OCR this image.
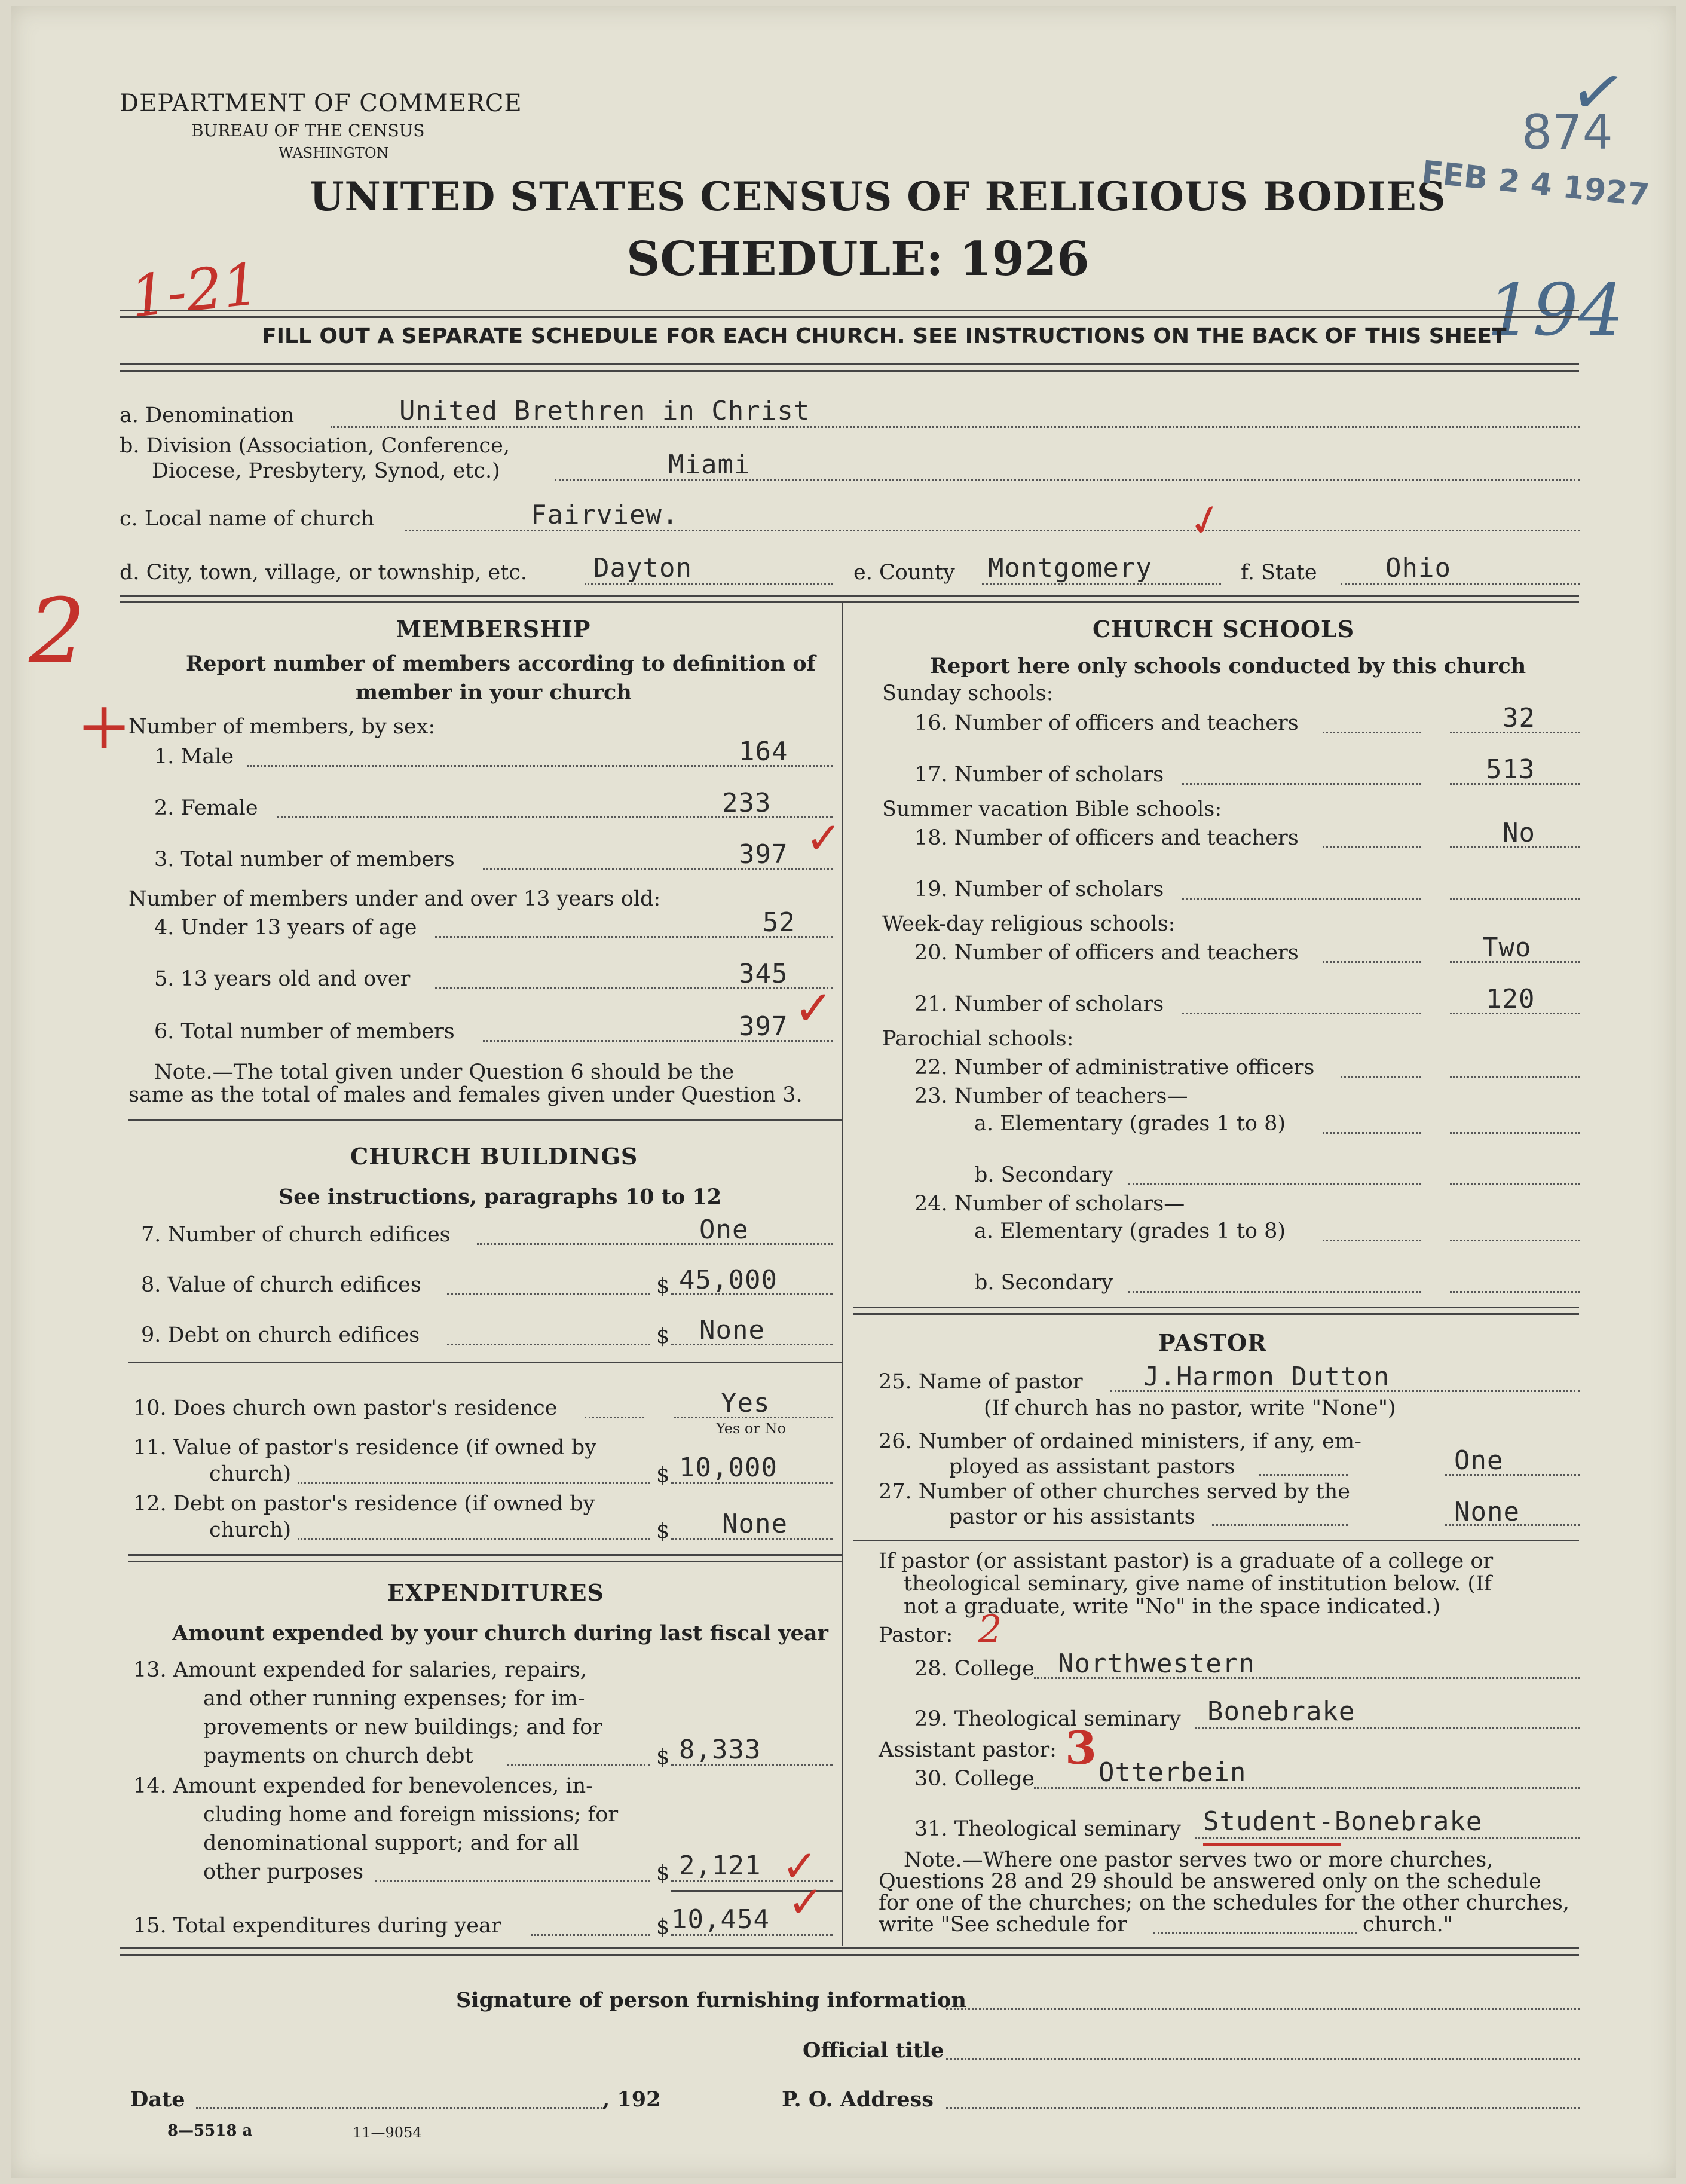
DEPARTMENT OF COMMERCE
BUREAU OF THE CENSUS
WASHINGTON
UNITED STATES CENSUS OF RELIGIOUS BODIES
SCHEDULE: 1926
874
✓
FEB 2 4 1927
194
1-21
FILL OUT A SEPARATE SCHEDULE FOR EACH CHURCH. SEE INSTRUCTIONS ON THE BACK OF THIS SHEET
a. Denomination	United Brethren in Christ
b. Division (Association, Conference,
Diocese, Presbytery, Synod, etc.)	Miami
c. Local name of church	Fairview.	✓
d. City, town, village, or township, etc.	Dayton	e. County Montgomery	f. State	Ohio
2
+
MEMBERSHIP
Report number of members according to definition of
member in your church
Number of members, by sex:
1. Male	164
2. Female	233
3. Total number of members	397 ✓
Number of members under and over 13 years old:
4. Under 13 years of age	52
5. 13 years old and over	345
6. Total number of members	397 ✓
Note.—The total given under Question 6 should be the
same as the total of males and females given under Question 3.
CHURCH BUILDINGS
See instructions, paragraphs 10 to 12
7. Number of church edifices	One
8. Value of church edifices	$ 45,000
9. Debt on church edifices	$ None
10. Does church own pastor's residence	Yes
Yes or No
11. Value of pastor's residence (if owned by
church)	$ 10,000
12. Debt on pastor's residence (if owned by
church)	$ None
EXPENDITURES
Amount expended by your church during last fiscal year
13. Amount expended for salaries, repairs,
and other running expenses; for im-
provements or new buildings; and for
payments on church debt	$ 8,333
14. Amount expended for benevolences, in-
cluding home and foreign missions; for
denominational support; and for all
other purposes	$ 2,121 ✓
15. Total expenditures during year	$ 10,454 ✓
CHURCH SCHOOLS
Report here only schools conducted by this church
Sunday schools:
16. Number of officers and teachers	32
17. Number of scholars	513
Summer vacation Bible schools:
18. Number of officers and teachers	No
19. Number of scholars
Week-day religious schools:
20. Number of officers and teachers	Two
21. Number of scholars	120
Parochial schools:
22. Number of administrative officers
23. Number of teachers—
a. Elementary (grades 1 to 8)
b. Secondary
24. Number of scholars—
a. Elementary (grades 1 to 8)
b. Secondary
PASTOR
25. Name of pastor J.Harmon Dutton
(If church has no pastor, write "None")
26. Number of ordained ministers, if any, em-
ployed as assistant pastors	One
27. Number of other churches served by the
pastor or his assistants	None
If pastor (or assistant pastor) is a graduate of a college or
theological seminary, give name of institution below. (If
not a graduate, write "No" in the space indicated.)
Pastor: 2
28. College Northwestern
29. Theological seminary Bonebrake
Assistant pastor: 3
30. College Otterbein
31. Theological seminary Student-Bonebrake
Note.—Where one pastor serves two or more churches,
Questions 28 and 29 should be answered only on the schedule
for one of the churches; on the schedules for the other churches,
write "See schedule for	church."
Signature of person furnishing information
Official title
Date	, 192	P. O. Address
8—5518 a	11—9054
